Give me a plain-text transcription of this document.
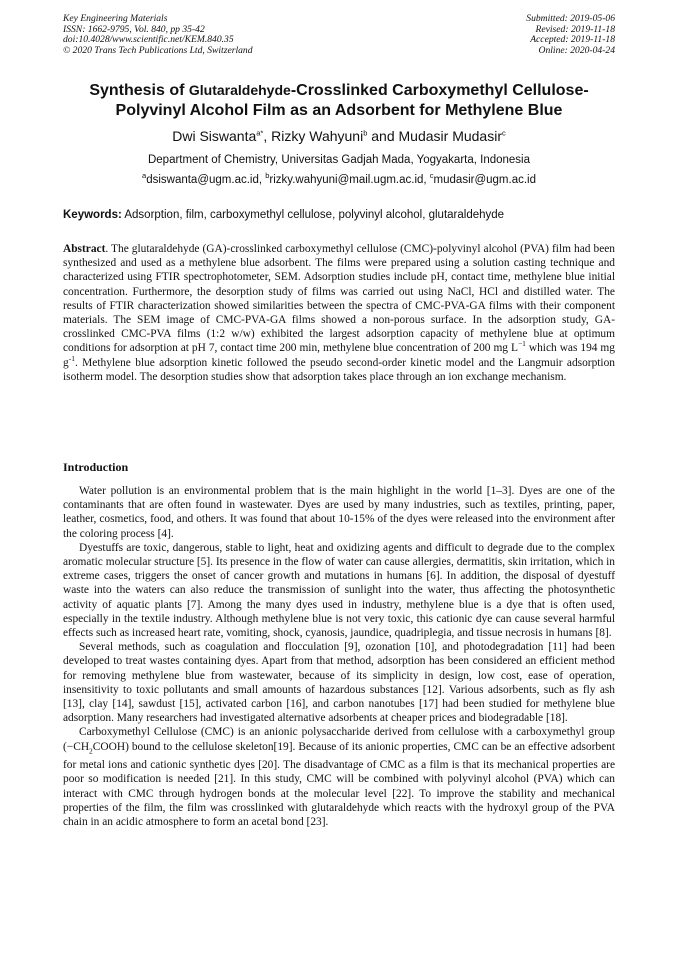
Key Engineering Materials
ISSN: 1662-9795, Vol. 840, pp 35-42
doi:10.4028/www.scientific.net/KEM.840.35
© 2020 Trans Tech Publications Ltd, Switzerland
Submitted: 2019-05-06
Revised: 2019-11-18
Accepted: 2019-11-18
Online: 2020-04-24
Synthesis of Glutaraldehyde-Crosslinked Carboxymethyl Cellulose-
Polyvinyl Alcohol Film as an Adsorbent for Methylene Blue
Dwi Siswanta$^{a*}$, Rizky Wahyuni$^b$ and Mudasir Mudasir$^c$
Department of Chemistry, Universitas Gadjah Mada, Yogyakarta, Indonesia
$^a$dsiswanta@ugm.ac.id, $^b$rizky.wahyuni@mail.ugm.ac.id, $^c$mudasir@ugm.ac.id
Keywords: Adsorption, film, carboxymethyl cellulose, polyvinyl alcohol, glutaraldehyde
Abstract. The glutaraldehyde (GA)-crosslinked carboxymethyl cellulose (CMC)-polyvinyl alcohol (PVA) film had been synthesized and used as a methylene blue adsorbent. The films were prepared using a solution casting technique and characterized using FTIR spectrophotometer, SEM. Adsorption studies include pH, contact time, methylene blue initial concentration. Furthermore, the desorption study of films was carried out using NaCl, HCl and distilled water. The results of FTIR characterization showed similarities between the spectra of CMC-PVA-GA films with their component materials. The SEM image of CMC-PVA-GA films showed a non-porous surface. In the adsorption study, GA-crosslinked CMC-PVA films (1:2 w/w) exhibited the largest adsorption capacity of methylene blue at optimum conditions for adsorption at pH 7, contact time 200 min, methylene blue concentration of 200 mg $L^{-1}$ which was 194 mg $g^{-1}$. Methylene blue adsorption kinetic followed the pseudo second-order kinetic model and the Langmuir adsorption isotherm model. The desorption studies show that adsorption takes place through an ion exchange mechanism.
Introduction

Water pollution is an environmental problem that is the main highlight in the world [1–3]. Dyes are one of the contaminants that are often found in wastewater. Dyes are used by many industries, such as textiles, printing, paper, leather, cosmetics, food, and others. It was found that about 10-15% of the dyes were released into the environment after the coloring process [4].

Dyestuffs are toxic, dangerous, stable to light, heat and oxidizing agents and difficult to degrade due to the complex aromatic molecular structure [5]. Its presence in the flow of water can cause allergies, dermatitis, skin irritation, which in extreme cases, triggers the onset of cancer growth and mutations in humans [6]. In addition, the disposal of dyestuff waste into the waters can also reduce the transmission of sunlight into the water, thus affecting the photosynthetic activity of aquatic plants [7]. Among the many dyes used in industry, methylene blue is a dye that is often used, especially in the textile industry. Although methylene blue is not very toxic, this cationic dye can cause several harmful effects such as increased heart rate, vomiting, shock, cyanosis, jaundice, quadriplegia, and tissue necrosis in humans [8].

Several methods, such as coagulation and flocculation [9], ozonation [10], and photodegradation [11] had been developed to treat wastes containing dyes. Apart from that method, adsorption has been considered an efficient method for removing methylene blue from wastewater, because of its simplicity in design, low cost, ease of operation, insensitivity to toxic pollutants and small amounts of hazardous substances [12]. Various adsorbents, such as fly ash [13], clay [14], sawdust [15], activated carbon [16], and carbon nanotubes [17] had been studied for methylene blue adsorption. Many researchers had investigated alternative adsorbents at cheaper prices and biodegradable [18].

Carboxymethyl Cellulose (CMC) is an anionic polysaccharide derived from cellulose with a carboxymethyl group $(-CH_2COOH)$ bound to the cellulose skeleton[19]. Because of its anionic properties, CMC can be an effective adsorbent for metal ions and cationic synthetic dyes [20]. The disadvantage of CMC as a film is that its mechanical properties are poor so modification is needed [21]. In this study, CMC will be combined with polyvinyl alcohol (PVA) which can interact with CMC through hydrogen bonds at the molecular level [22]. To improve the stability and mechanical properties of the film, the film was crosslinked with glutaraldehyde which reacts with the hydroxyl group of the PVA chain in an acidic atmosphere to form an acetal bond [23].
